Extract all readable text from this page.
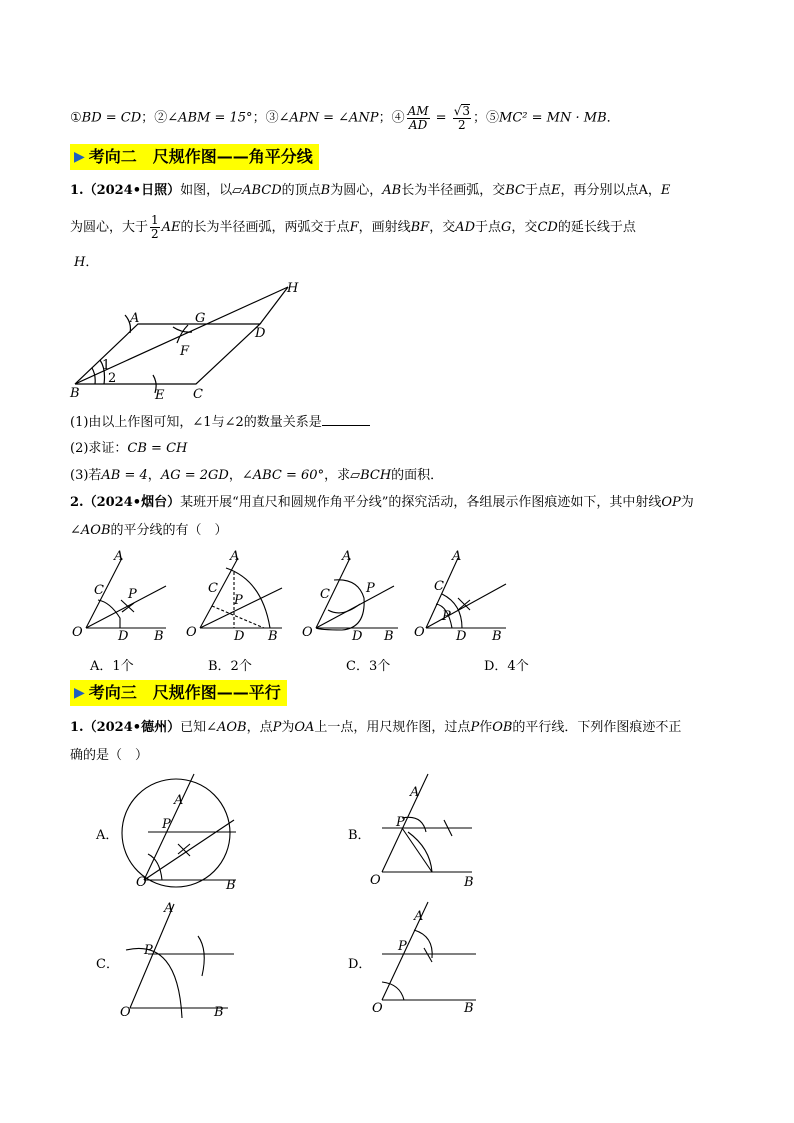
①BD = CD；②∠ABM = 15°；③∠APN = ∠ANP；④ $\frac{AM}{AD} = \frac{√3}{2}$ ；⑤MC² = MN · MB．
▶ 考向二　尺规作图——角平分线
1.（2024•日照）如图，以▱ABCD的顶点B为圆心，AB长为半径画弧，交BC于点E，再分别以点A，E
为圆心，大于 $\frac{1}{2}$ AE的长为半径画弧，两弧交于点F，画射线BF，交AD于点G，交CD的延长线于点
H．
A	G
H
D
F
B	E C
1
2
(1)由以上作图可知，∠1与∠2的数量关系是
(2)求证：CB = CH
(3)若AB = 4，AG = 2GD，∠ABC = 60°，求▱BCH的面积．
2.（2024•烟台）某班开展“用直尺和圆规作角平分线”的探究活动，各组展示作图痕迹如下，其中射线OP为
∠AOB的平分线的有（　）
A
C P
O	D B
A
C
P
O	D B
A
C	P
O	D B
A
C
P
O D B
A．1个	B．2个	C．3个	D．4个
▶ 考向三　尺规作图——平行
1.（2024•德州）已知∠AOB，点P为OA上一点，用尺规作图，过点P作OB的平行线．下列作图痕迹不正
确的是（　）
A．
A
P
O	B
B．
A
P
O	B
C．
A
P
O	B
D．
A
P
O	B
